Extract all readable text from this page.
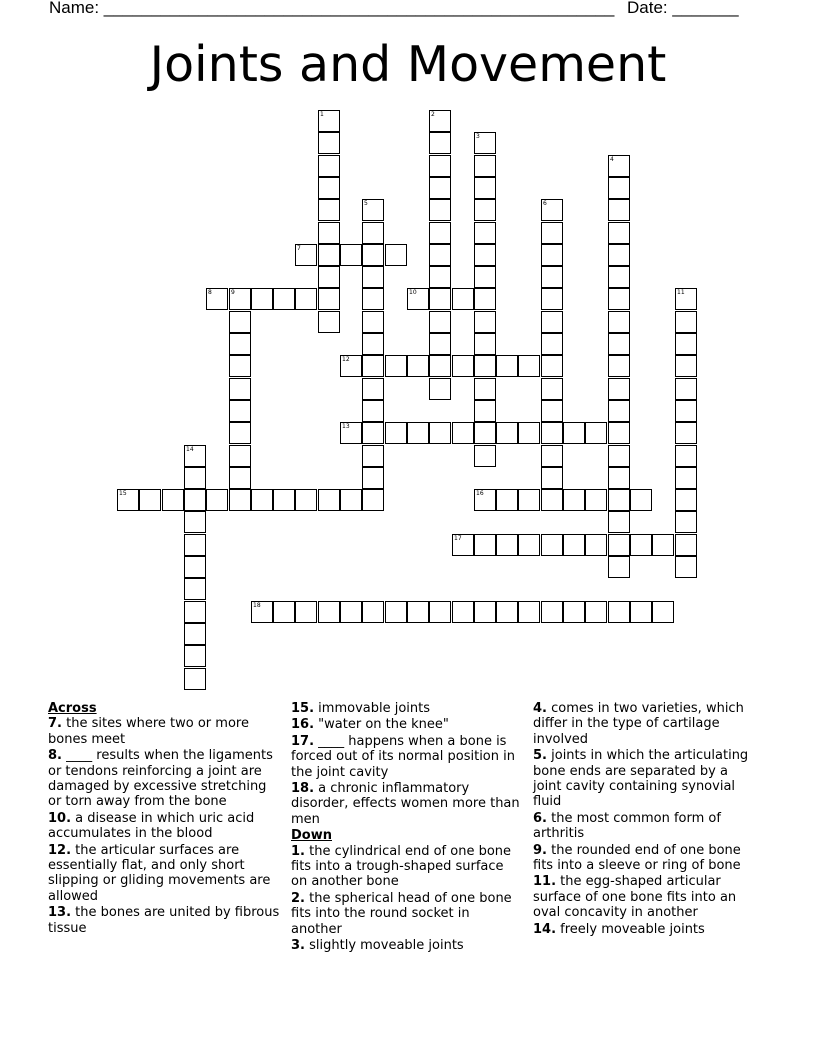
Name: ______________________________________________________ Date: _______
Joints and Movement
1	2
3
4
5	6
7
8	9	10	11
12
13
14
15	16
17
18
Across
7. the sites where two or more bones meet
8. ____ results when the ligaments or tendons reinforcing a joint are damaged by excessive stretching or torn away from the bone
10. a disease in which uric acid accumulates in the blood
12. the articular surfaces are essentially flat, and only short slipping or gliding movements are allowed
13. the bones are united by fibrous tissue
15. immovable joints
16. "water on the knee"
17. ____ happens when a bone is forced out of its normal position in the joint cavity
18. a chronic inflammatory disorder, effects women more than men
Down
1. the cylindrical end of one bone fits into a trough-shaped surface on another bone
2. the spherical head of one bone fits into the round socket in another
3. slightly moveable joints
4. comes in two varieties, which differ in the type of cartilage involved
5. joints in which the articulating bone ends are separated by a joint cavity containing synovial fluid
6. the most common form of arthritis
9. the rounded end of one bone fits into a sleeve or ring of bone
11. the egg-shaped articular surface of one bone fits into an oval concavity in another
14. freely moveable joints
